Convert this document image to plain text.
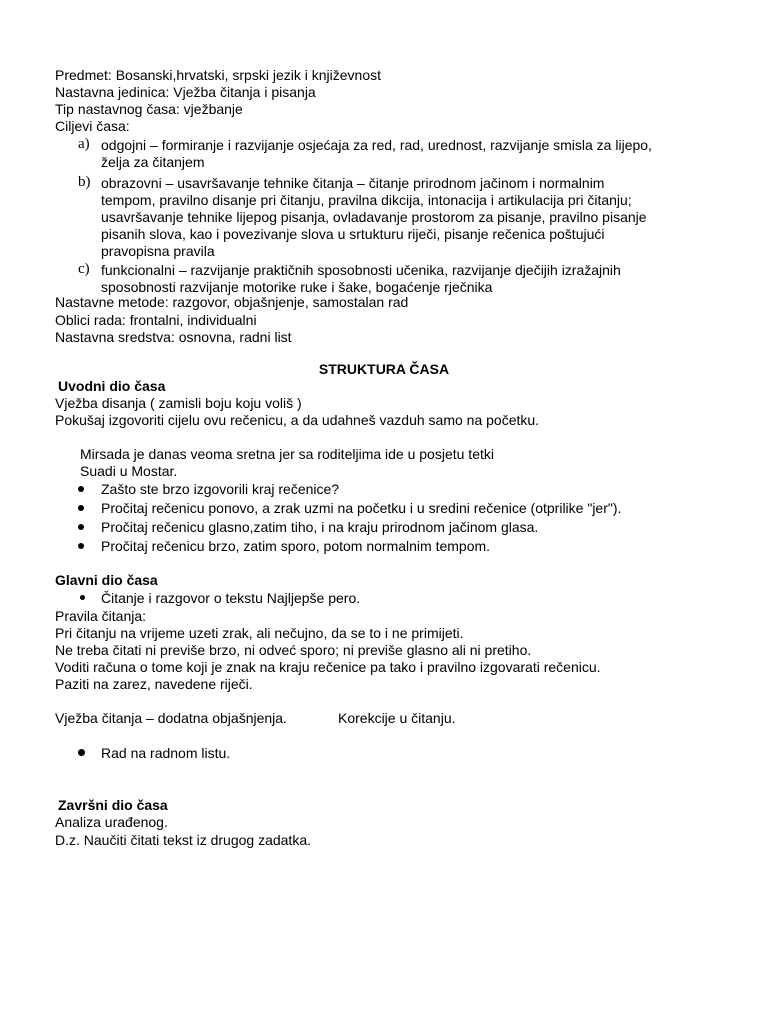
Predmet: Bosanski,hrvatski, srpski jezik i književnost
Nastavna jedinica: Vježba čitanja i pisanja
Tip nastavnog časa: vježbanje
Ciljevi časa:
a) odgojni – formiranje i razvijanje osjećaja za red, rad, urednost, razvijanje smisla za lijepo,
želja za čitanjem
b) obrazovni – usavršavanje tehnike čitanja – čitanje prirodnom jačinom i normalnim
tempom, pravilno disanje pri čitanju, pravilna dikcija, intonacija i artikulacija pri čitanju;
usavršavanje tehnike lijepog pisanja, ovladavanje prostorom za pisanje, pravilno pisanje
pisanih slova, kao i povezivanje slova u srtukturu riječi, pisanje rečenica poštujući
pravopisna pravila
c) funkcionalni – razvijanje praktičnih sposobnosti učenika, razvijanje dječijih izražajnih
sposobnosti razvijanje motorike ruke i šake, bogaćenje rječnika
Nastavne metode: razgovor, objašnjenje, samostalan rad
Oblici rada: frontalni, individualni
Nastavna sredstva: osnovna, radni list
STRUKTURA ČASA
Uvodni dio časa
Vježba disanja ( zamisli boju koju voliš )
Pokušaj izgovoriti cijelu ovu rečenicu, a da udahneš vazduh samo na početku.
Mirsada je danas veoma sretna jer sa roditeljima ide u posjetu tetki
Suadi u Mostar.
Zašto ste brzo izgovorili kraj rečenice?
Pročitaj rečenicu ponovo, a zrak uzmi na početku i u sredini rečenice (otprilike "jer").
Pročitaj rečenicu glasno,zatim tiho, i na kraju prirodnom jačinom glasa.
Pročitaj rečenicu brzo, zatim sporo, potom normalnim tempom.
Glavni dio časa
Čitanje i razgovor o tekstu Najljepše pero.
Pravila čitanja:
Pri čitanju na vrijeme uzeti zrak, ali nečujno, da se to i ne primijeti.
Ne treba čitati ni previše brzo, ni odveć sporo; ni previše glasno ali ni pretiho.
Voditi računa o tome koji je znak na kraju rečenice pa tako i pravilno izgovarati rečenicu.
Paziti na zarez, navedene riječi.
Vježba čitanja – dodatna objašnjenja.	Korekcije u čitanju.
Rad na radnom listu.
Završni dio časa
Analiza urađenog.
D.z. Naučiti čitati tekst iz drugog zadatka.
